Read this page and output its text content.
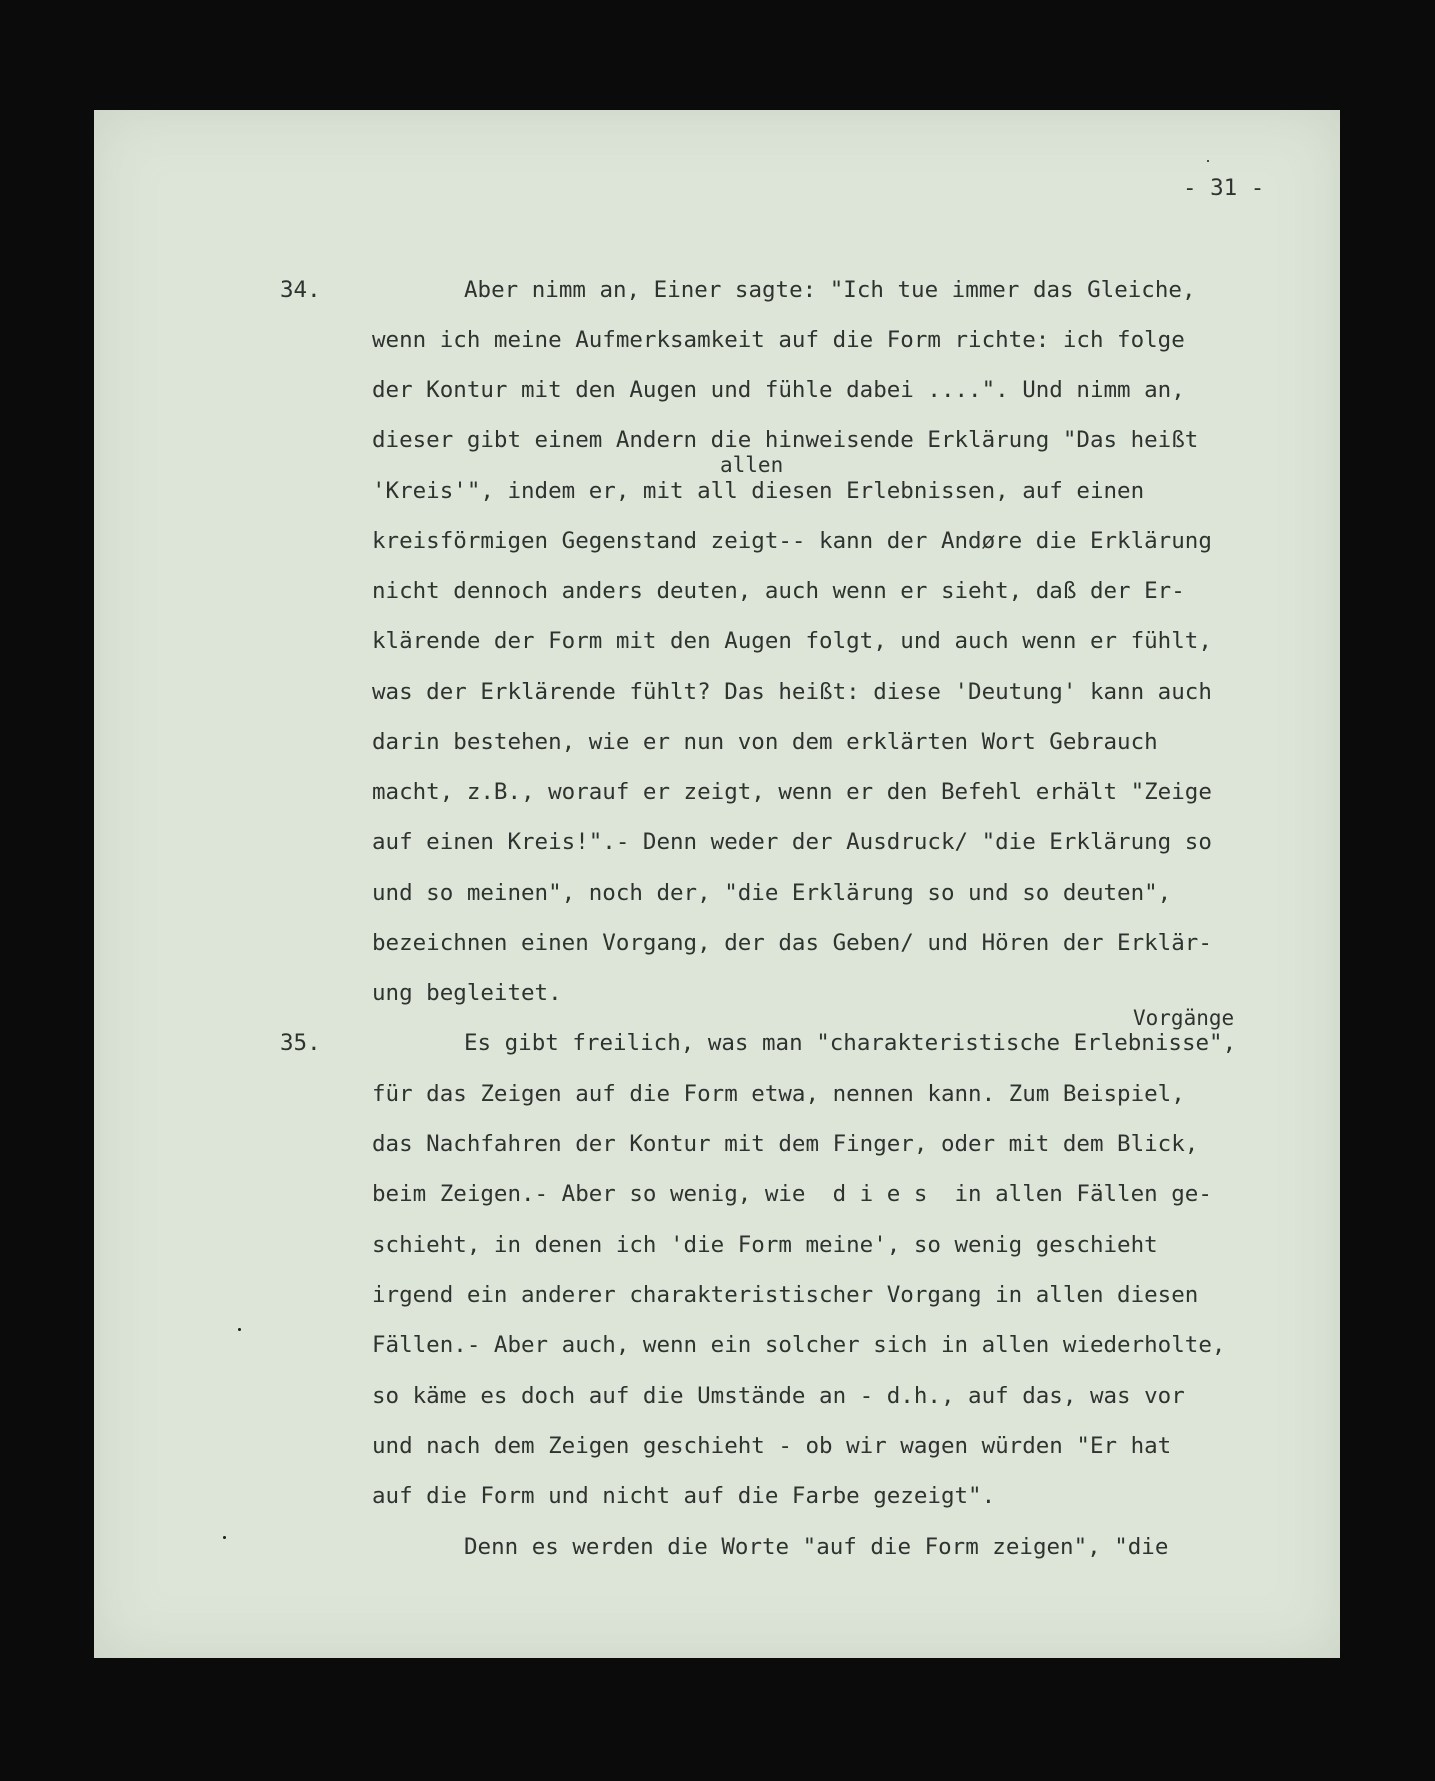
- 31 -
34.	Aber nimm an, Einer sagte: "Ich tue immer das Gleiche,
wenn ich meine Aufmerksamkeit auf die Form richte: ich folge
der Kontur mit den Augen und fühle dabei ....". Und nimm an,
dieser gibt einem Andern die hinweisende Erklärung "Das heißt
allen
'Kreis'", indem er, mit all diesen Erlebnissen, auf einen
kreisförmigen Gegenstand zeigt-- kann der Andøre die Erklärung
nicht dennoch anders deuten, auch wenn er sieht, daß der Er-
klärende der Form mit den Augen folgt, und auch wenn er fühlt,
was der Erklärende fühlt? Das heißt: diese 'Deutung' kann auch
darin bestehen, wie er nun von dem erklärten Wort Gebrauch
macht, z.B., worauf er zeigt, wenn er den Befehl erhält "Zeige
auf einen Kreis!".- Denn weder der Ausdruck/ "die Erklärung so
und so meinen", noch der, "die Erklärung so und so deuten",
bezeichnen einen Vorgang, der das Geben/ und Hören der Erklär-
ung begleitet.
Vorgänge
35.	Es gibt freilich, was man "charakteristische Erlebnisse",
für das Zeigen auf die Form etwa, nennen kann. Zum Beispiel,
das Nachfahren der Kontur mit dem Finger, oder mit dem Blick,
beim Zeigen.- Aber so wenig, wie  d i e s  in allen Fällen ge-
schieht, in denen ich 'die Form meine', so wenig geschieht
irgend ein anderer charakteristischer Vorgang in allen diesen
Fällen.- Aber auch, wenn ein solcher sich in allen wiederholte,
so käme es doch auf die Umstände an - d.h., auf das, was vor
und nach dem Zeigen geschieht - ob wir wagen würden "Er hat
auf die Form und nicht auf die Farbe gezeigt".
Denn es werden die Worte "auf die Form zeigen", "die
